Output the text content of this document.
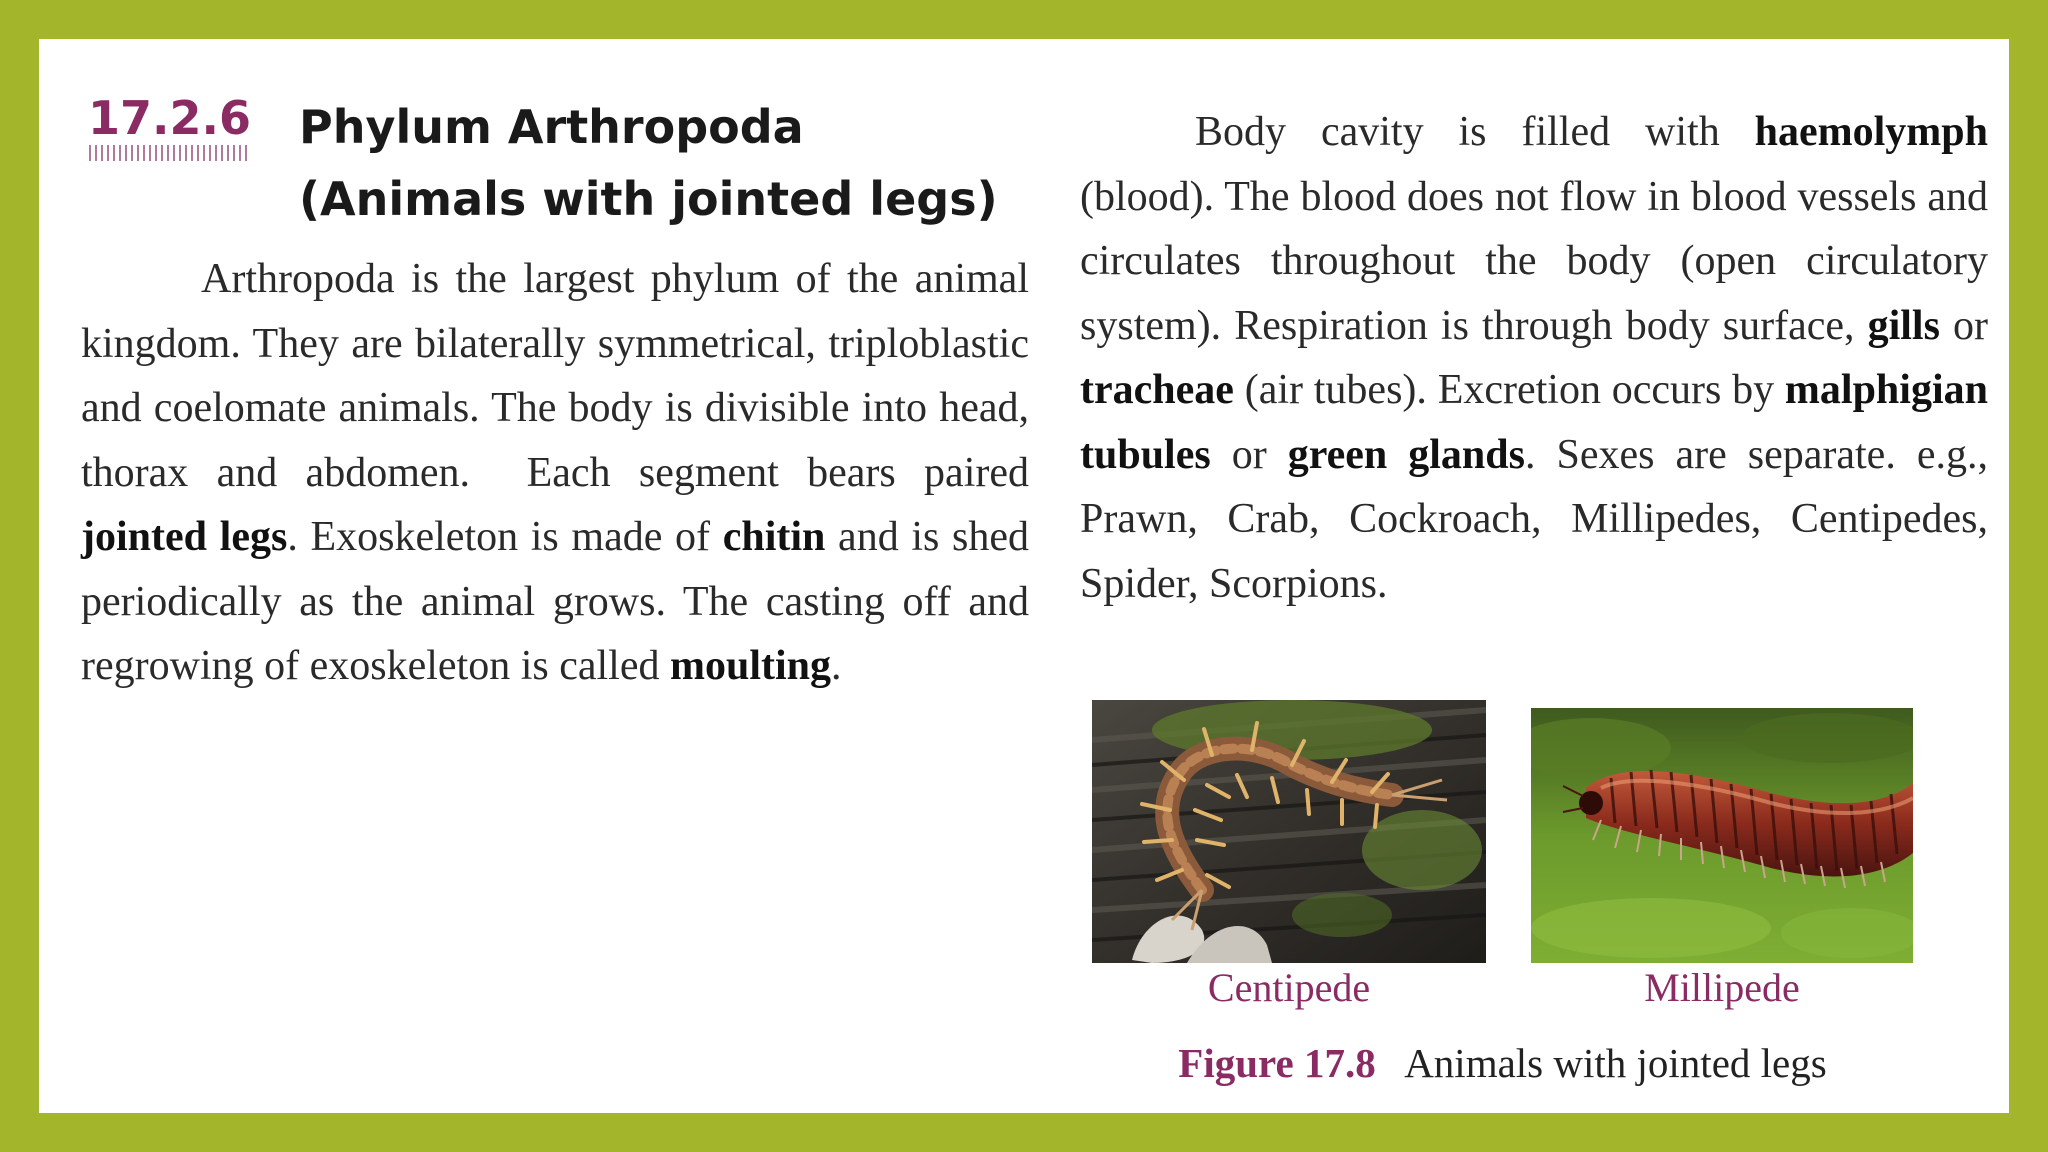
17.2.6 Phylum Arthropoda
(Animals with jointed legs)

Arthropoda is the largest phylum of the animal kingdom. They are bilaterally symmetrical, triploblastic and coelomate animals. The body is divisible into head, thorax and abdomen.  Each segment bears paired jointed legs. Exoskeleton is made of chitin and is shed periodically as the animal grows. The casting off and regrowing of exoskeleton is called moulting.

Body cavity is filled with haemolymph (blood). The blood does not flow in blood vessels and circulates throughout the body (open circulatory system). Respiration is through body surface, gills or tracheae (air tubes). Excretion occurs by malphigian tubules or green glands. Sexes are separate. e.g., Prawn, Crab, Cockroach, Millipedes, Centipedes, Spider, Scorpions.

Centipede	Millipede
Figure 17.8 Animals with jointed legs
